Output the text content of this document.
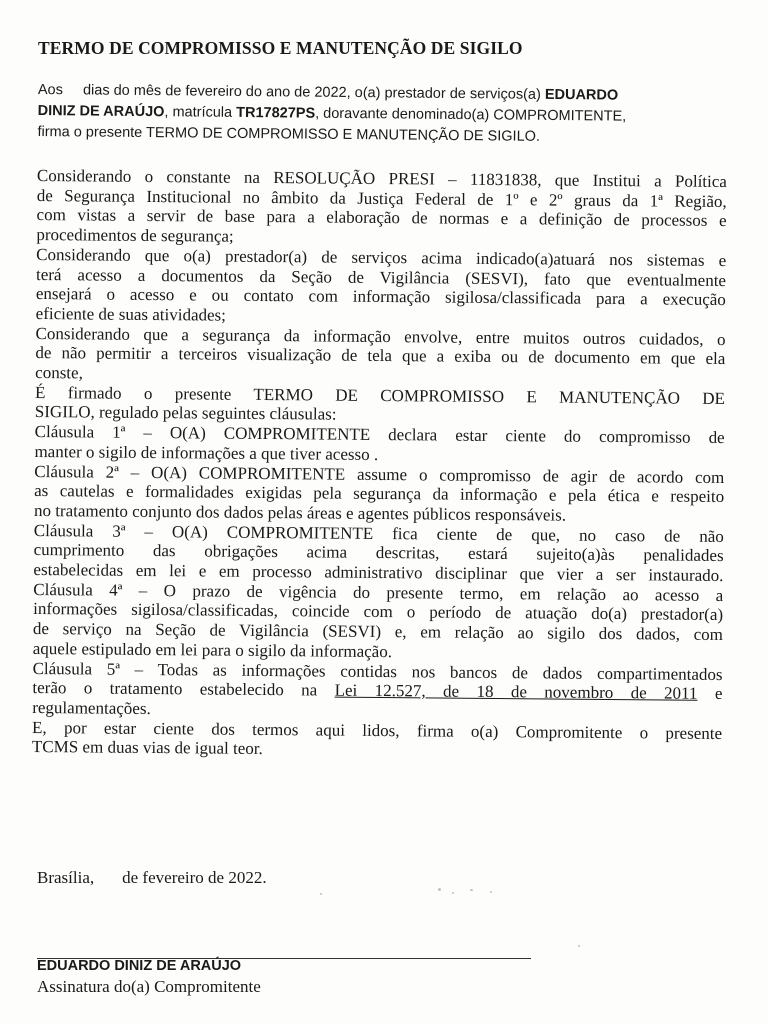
TERMO DE COMPROMISSO E MANUTENÇÃO DE SIGILO
Aos     dias do mês de fevereiro do ano de 2022, o(a) prestador de serviços(a) EDUARDO
DINIZ DE ARAÚJO, matrícula TR17827PS, doravante denominado(a) COMPROMITENTE,
firma o presente TERMO DE COMPROMISSO E MANUTENÇÃO DE SIGILO.
Considerando o constante na RESOLUÇÃO PRESI – 11831838, que Institui a Política
de Segurança Institucional no âmbito da Justiça Federal de 1º e 2º graus da 1ª Região,
com vistas a servir de base para a elaboração de normas e a definição de processos e
procedimentos de segurança;
Considerando que o(a) prestador(a) de serviços acima indicado(a)atuará nos sistemas e
terá acesso a documentos da Seção de Vigilância (SESVI), fato que eventualmente
ensejará o acesso e ou contato com informação sigilosa/classificada para a execução
eficiente de suas atividades;
Considerando que a segurança da informação envolve, entre muitos outros cuidados, o
de não permitir a terceiros visualização de tela que a exiba ou de documento em que ela
conste,
É firmado o presente TERMO DE COMPROMISSO E MANUTENÇÃO DE
SIGILO, regulado pelas seguintes cláusulas:
Cláusula 1ª – O(A) COMPROMITENTE declara estar ciente do compromisso de
manter o sigilo de informações a que tiver acesso .
Cláusula 2ª – O(A) COMPROMITENTE assume o compromisso de agir de acordo com
as cautelas e formalidades exigidas pela segurança da informação e pela ética e respeito
no tratamento conjunto dos dados pelas áreas e agentes públicos responsáveis.
Cláusula 3ª – O(A) COMPROMITENTE fica ciente de que, no caso de não
cumprimento das obrigações acima descritas, estará sujeito(a)às penalidades
estabelecidas em lei e em processo administrativo disciplinar que vier a ser instaurado.
Cláusula 4ª – O prazo de vigência do presente termo, em relação ao acesso a
informações sigilosa/classificadas, coincide com o período de atuação do(a) prestador(a)
de serviço na Seção de Vigilância (SESVI) e, em relação ao sigilo dos dados, com
aquele estipulado em lei para o sigilo da informação.
Cláusula 5ª – Todas as informações contidas nos bancos de dados compartimentados
terão o tratamento estabelecido na Lei 12.527, de 18 de novembro de 2011 e
regulamentações.
E, por estar ciente dos termos aqui lidos, firma o(a) Compromitente o presente
TCMS em duas vias de igual teor.
Brasília, de fevereiro de 2022.
EDUARDO DINIZ DE ARAÚJO
Assinatura do(a) Compromitente
